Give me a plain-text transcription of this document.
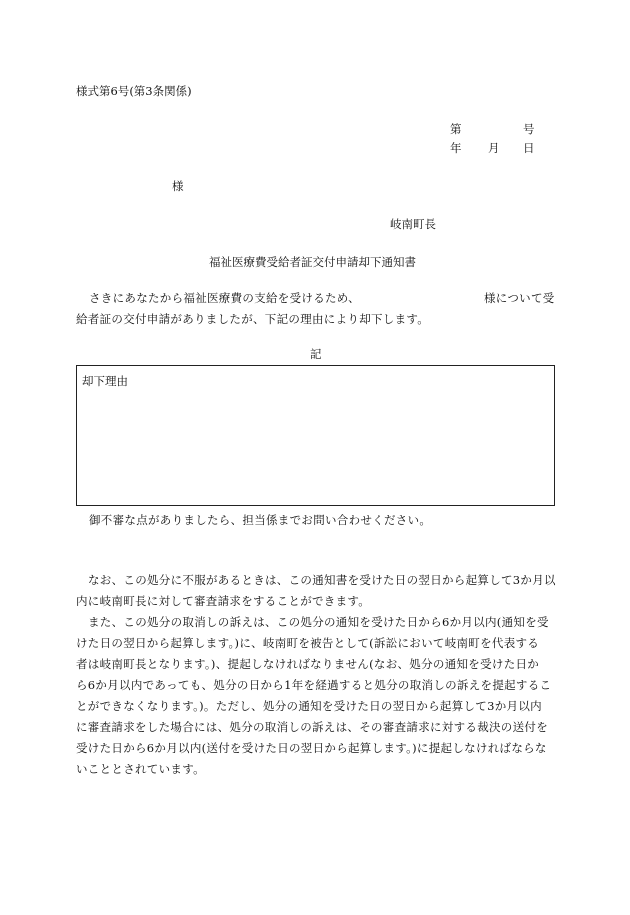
様式第6号(第3条関係)
第	号
年 月 日
様
岐南町長
福祉医療費受給者証交付申請却下通知書
さきにあなたから福祉医療費の支給を受けるため、	様について受
給者証の交付申請がありましたが、下記の理由により却下します。
記
却下理由
御不審な点がありましたら、担当係までお問い合わせください。
なお、この処分に不服があるときは、この通知書を受けた日の翌日から起算して3か月以
内に岐南町長に対して審査請求をすることができます。
また、この処分の取消しの訴えは、この処分の通知を受けた日から6か月以内(通知を受
けた日の翌日から起算します。)に、岐南町を被告として(訴訟において岐南町を代表する
者は岐南町長となります。)、提起しなければなりません(なお、処分の通知を受けた日か
ら6か月以内であっても、処分の日から1年を経過すると処分の取消しの訴えを提起するこ
とができなくなります。)。ただし、処分の通知を受けた日の翌日から起算して3か月以内
に審査請求をした場合には、処分の取消しの訴えは、その審査請求に対する裁決の送付を
受けた日から6か月以内(送付を受けた日の翌日から起算します。)に提起しなければならな
いこととされています。
